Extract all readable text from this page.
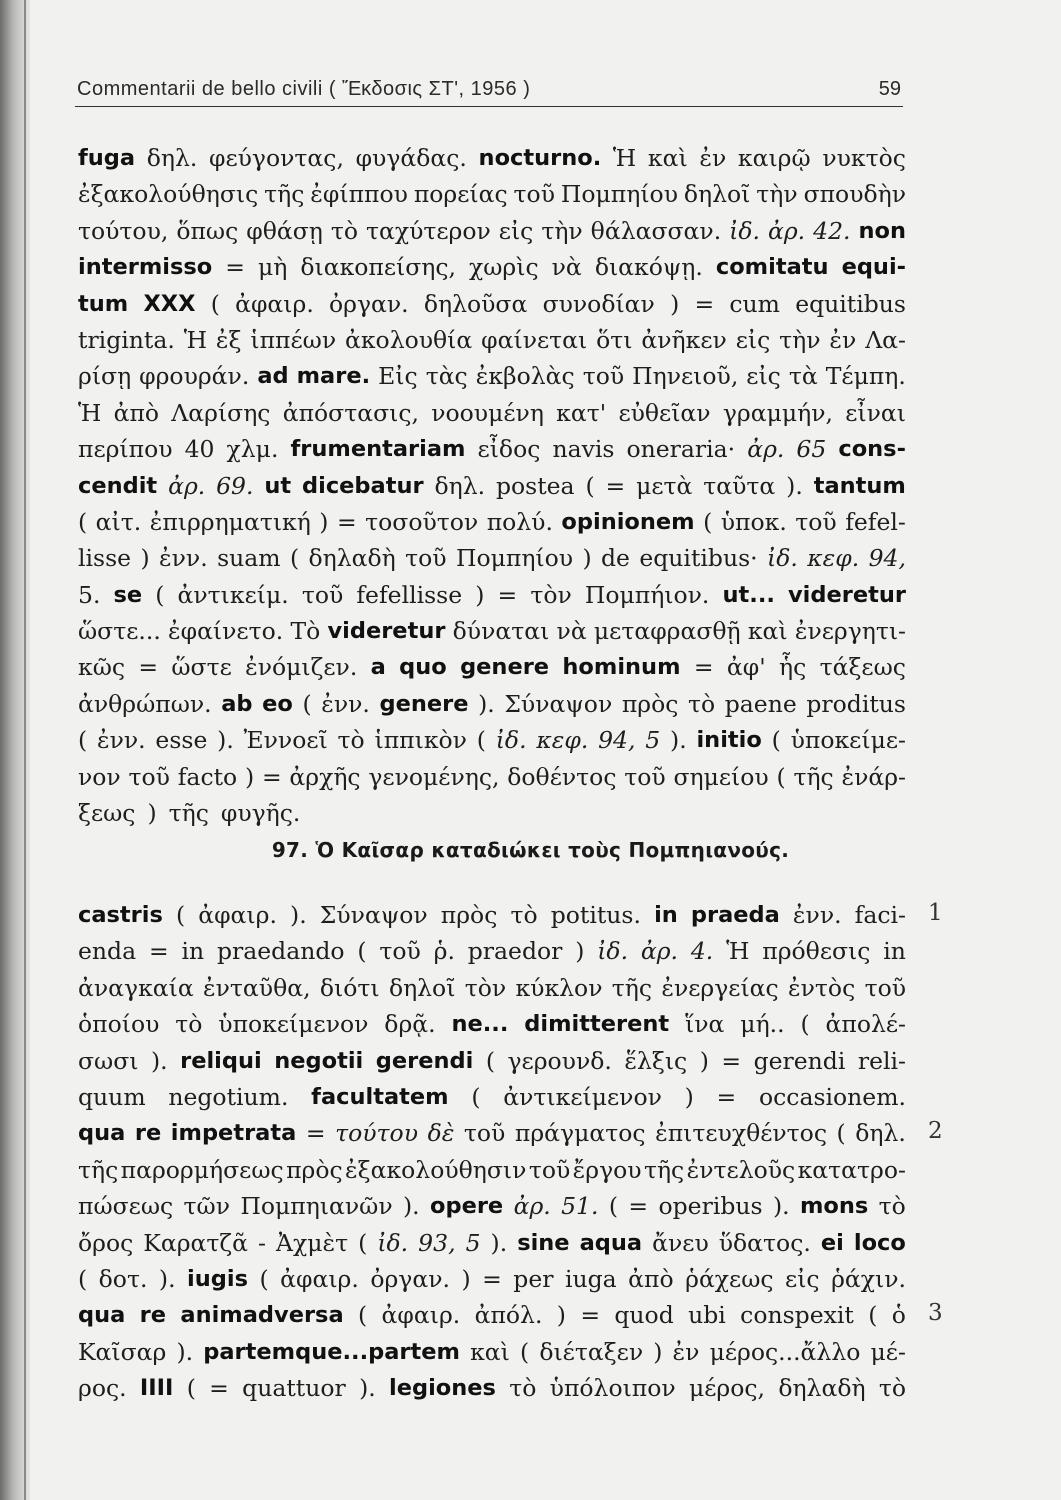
Commentarii de bello civili ( Ἔκδοσις ΣΤ', 1956 )	59
fuga δηλ. φεύγοντας, φυγάδας. nocturno. Ἡ καὶ ἐν καιρῷ νυκτὸς
ἐξακολούθησις τῆς ἐφίππου πορείας τοῦ Πομπηίου δηλοῖ τὴν σπουδὴν
τούτου, ὅπως φθάσῃ τὸ ταχύτερον εἰς τὴν θάλασσαν. ἰδ. ἀρ. 42. non
intermisso = μὴ διακοπείσης, χωρὶς νὰ διακόψῃ. comitatu equi-
tum XXX ( ἀφαιρ. ὀργαν. δηλοῦσα συνοδίαν ) = cum equitibus
triginta. Ἡ ἐξ ἱππέων ἀκολουθία φαίνεται ὅτι ἀνῆκεν εἰς τὴν ἐν Λα-
ρίσῃ φρουράν. ad mare. Εἰς τὰς ἐκβολὰς τοῦ Πηνειοῦ, εἰς τὰ Τέμπη.
Ἡ ἀπὸ Λαρίσης ἀπόστασις, νοουμένη κατ' εὐθεῖαν γραμμήν, εἶναι
περίπου 40 χλμ. frumentariam εἶδος navis oneraria· ἀρ. 65 cons-
cendit ἀρ. 69. ut dicebatur δηλ. postea ( = μετὰ ταῦτα ). tantum
( αἰτ. ἐπιρρηματική ) = τοσοῦτον πολύ. opinionem ( ὑποκ. τοῦ fefel-
lisse ) ἐνν. suam ( δηλαδὴ τοῦ Πομπηίου ) de equitibus· ἰδ. κεφ. 94,
5. se ( ἀντικείμ. τοῦ fefellisse ) = τὸν Πομπήιον. ut... videretur
ὥστε... ἐφαίνετο. Τὸ videretur δύναται νὰ μεταφρασθῇ καὶ ἐνεργητι-
κῶς = ὥστε ἐνόμιζεν. a quo genere hominum = ἀφ' ἧς τάξεως
ἀνθρώπων. ab eo ( ἐνν. genere ). Σύναψον πρὸς τὸ paene proditus
( ἐνν. esse ). Ἐννοεῖ τὸ ἱππικὸν ( ἰδ. κεφ. 94, 5 ). initio ( ὑποκείμε-
νον τοῦ facto ) = ἀρχῆς γενομένης, δοθέντος τοῦ σημείου ( τῆς ἐνάρ-
ξεως ) τῆς φυγῆς.
97. Ὁ Καῖσαρ καταδιώκει τοὺς Πομπηιανούς.
castris ( ἀφαιρ. ). Σύναψον πρὸς τὸ potitus. in praeda ἐνν. faci-
enda = in praedando ( τοῦ ῥ. praedor ) ἰδ. ἀρ. 4. Ἡ πρόθεσις in
ἀναγκαία ἐνταῦθα, διότι δηλοῖ τὸν κύκλον τῆς ἐνεργείας ἐντὸς τοῦ
ὁποίου τὸ ὑποκείμενον δρᾷ. ne... dimitterent ἵνα μή.. ( ἀπολέ-
σωσι ). reliqui negotii gerendi ( γερουνδ. ἕλξις ) = gerendi reli-
quum negotium. facultatem ( ἀντικείμενον ) = occasionem.
qua re impetrata = τούτου δὲ τοῦ πράγματος ἐπιτευχθέντος ( δηλ.
τῆς παρορμήσεως πρὸς ἐξακολούθησιν τοῦ ἔργου τῆς ἐντελοῦς κατατρο-
πώσεως τῶν Πομπηιανῶν ). opere ἀρ. 51. ( = operibus ). mons τὸ
ὄρος Καρατζᾶ - Ἀχμὲτ ( ἰδ. 93, 5 ). sine aqua ἄνευ ὕδατος. ei loco
( δοτ. ). iugis ( ἀφαιρ. ὀργαν. ) = per iuga ἀπὸ ῥάχεως εἰς ῥάχιν.
qua re animadversa ( ἀφαιρ. ἀπόλ. ) = quod ubi conspexit ( ὁ
Καῖσαρ ). partemque...partem καὶ ( διέταξεν ) ἐν μέρος...ἄλλο μέ-
ρος. IIII ( = quattuor ). legiones τὸ ὑπόλοιπον μέρος, δηλαδὴ τὸ
1
2
3
